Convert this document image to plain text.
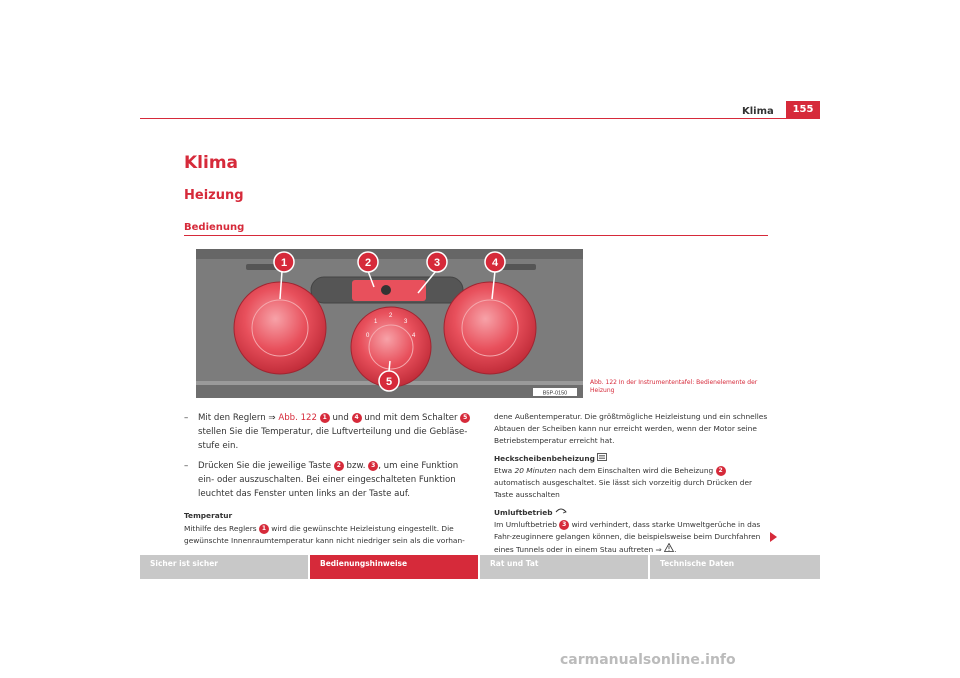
Klima	155
Klima
Heizung
Bedienung
0
1
2
3
4
1	2	3	4
5
B5P-0150
Abb. 122 In der Instrumententafel: Bedienelemente der Heizung
– Mit den Reglern ⇒ Abb. 122 1 und 4 und mit dem Schalter 5 stellen Sie die Temperatur, die Luftverteilung und die Gebläse-stufe ein.
– Drücken Sie die jeweilige Taste 2 bzw. 3 , um eine Funktion ein- oder auszuschalten. Bei einer eingeschalteten Funktion leuchtet das Fenster unten links an der Taste auf.
Temperatur
Mithilfe des Reglers 1 wird die gewünschte Heizleistung eingestellt. Die gewünschte Innenraumtemperatur kann nicht niedriger sein als die vorhan-

dene Außentemperatur. Die größtmögliche Heizleistung und ein schnelles Abtauen der Scheiben kann nur erreicht werden, wenn der Motor seine Betriebstemperatur erreicht hat.

Heckscheibenbeheizung

Etwa 20 Minuten nach dem Einschalten wird die Beheizung 2 automatisch ausgeschaltet. Sie lässt sich vorzeitig durch Drücken der Taste ausschalten

Umluftbetrieb

Im Umluftbetrieb 3 wird verhindert, dass starke Umweltgerüche in das Fahr-zeuginnere gelangen können, die beispielsweise beim Durchfahren eines Tunnels oder in einem Stau auftreten ⇒ .

Sicher ist sicher	Bedienungshinweise	Rat und Tat	Technische Daten
carmanualsonline.info
